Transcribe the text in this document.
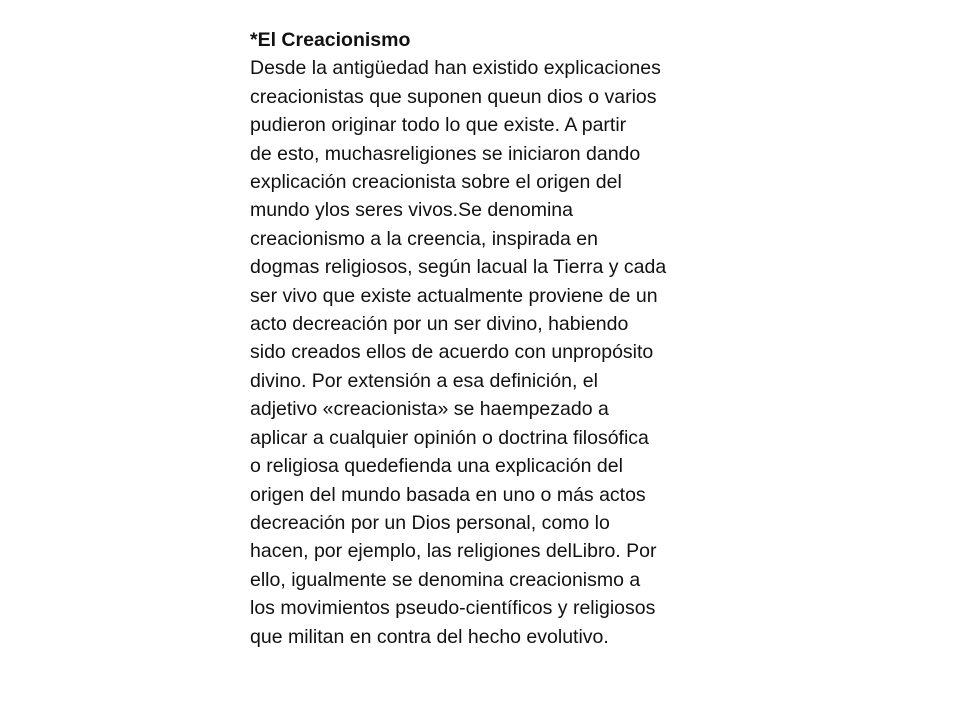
*El Creacionismo

Desde la antigüedad han existido explicaciones

creacionistas que suponen queun dios o varios

pudieron originar todo lo que existe. A partir

de esto, muchasreligiones se iniciaron dando

explicación creacionista sobre el origen del

mundo ylos seres vivos.Se denomina

creacionismo a la creencia, inspirada en

dogmas religiosos, según lacual la Tierra y cada

ser vivo que existe actualmente proviene de un

acto decreación por un ser divino, habiendo

sido creados ellos de acuerdo con unpropósito

divino. Por extensión a esa definición, el

adjetivo «creacionista» se haempezado a

aplicar a cualquier opinión o doctrina filosófica

o religiosa quedefienda una explicación del

origen del mundo basada en uno o más actos

decreación por un Dios personal, como lo

hacen, por ejemplo, las religiones delLibro. Por

ello, igualmente se denomina creacionismo a

los movimientos pseudo-científicos y religiosos

que militan en contra del hecho evolutivo.
